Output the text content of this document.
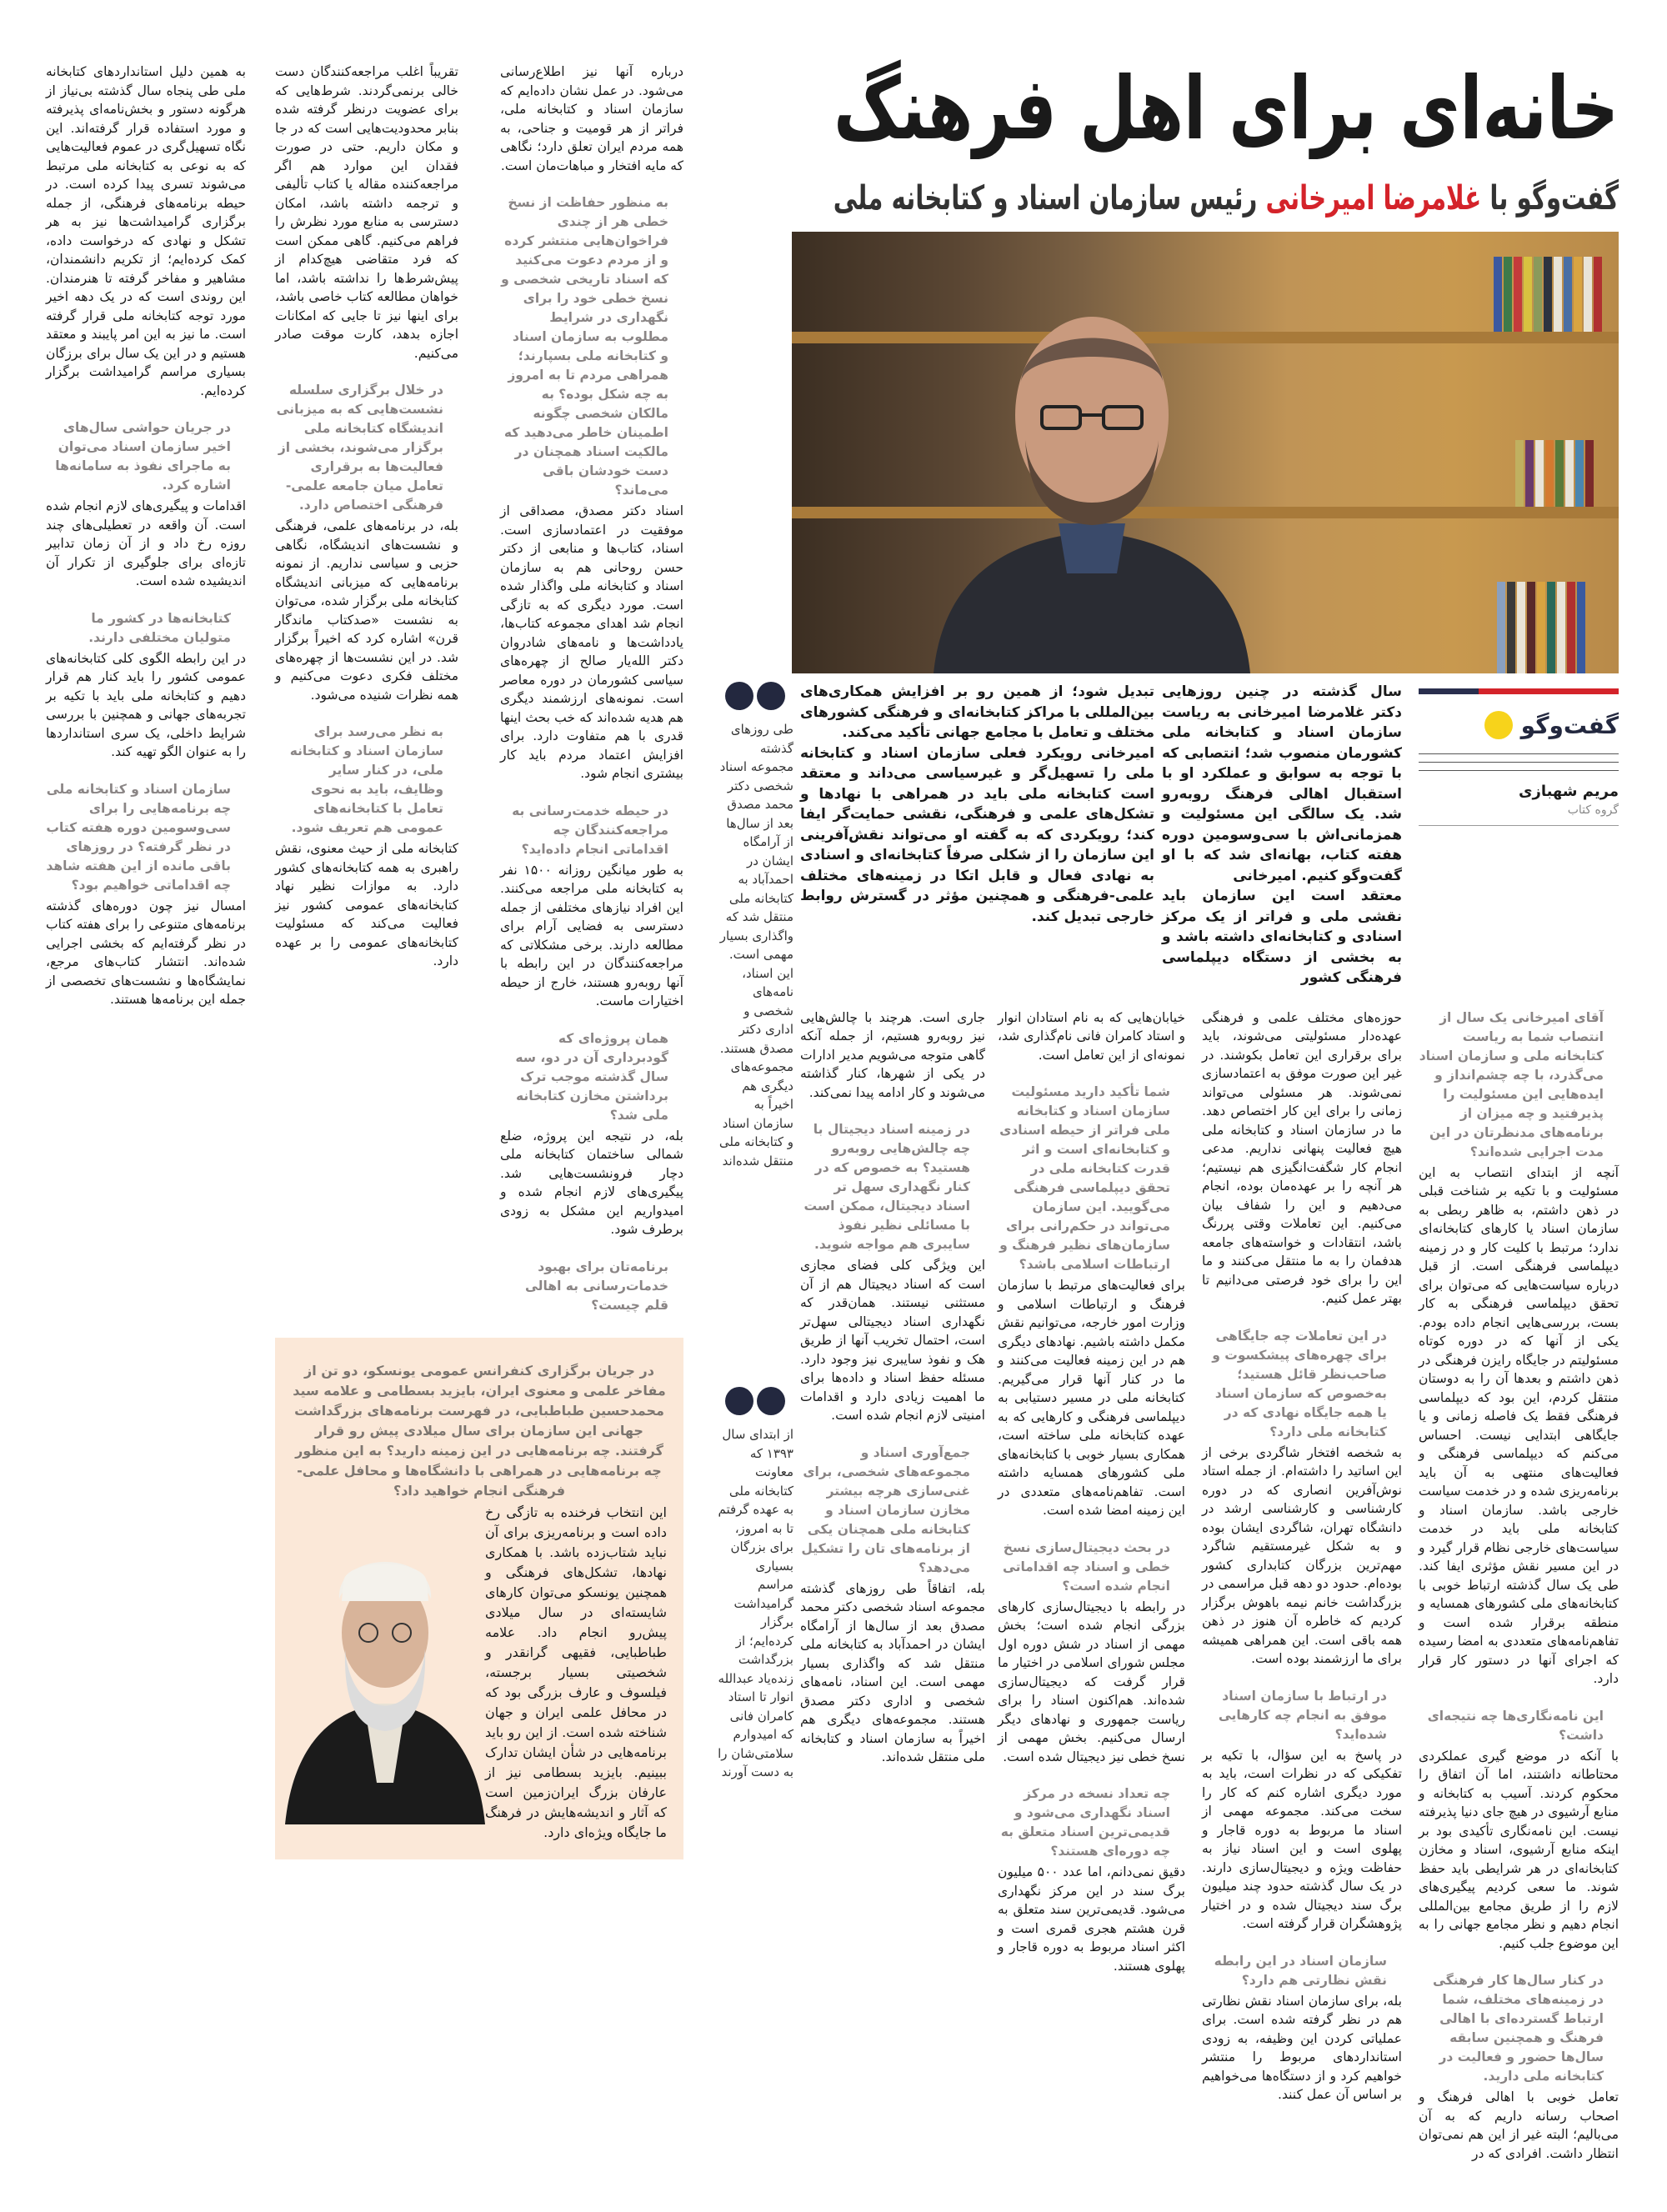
خانه‌ای برای اهل فرهنگ
گفت‌وگو با غلامرضا امیرخانی رئیس سازمان اسناد و کتابخانه ملی
گفت‌وگو
مریم شهبازی
گروه کتاب
سال گذشته در چنین روزهایی دکتر غلامرضا امیرخانی به ریاست سازمان اسناد و کتابخانه ملی کشورمان منصوب شد؛ انتصابی که با توجه به سوابق و عملکرد او با استقبال اهالی فرهنگ روبه‌رو شد. یک سالگی این مسئولیت و همزمانی‌اش با سی‌وسومین دوره هفته کتاب، بهانه‌ای شد که با او گفت‌وگو کنیم. امیرخانی
معتقد است این سازمان باید نقشی ملی و فراتر از یک مرکز اسنادی و کتابخانه‌ای داشته باشد و به بخشی از دستگاه دیپلماسی فرهنگی کشور
تبدیل شود؛ از همین رو بر افزایش همکاری‌های بین‌المللی با مراکز کتابخانه‌ای و فرهنگی کشورهای مختلف و تعامل با مجامع جهانی تأکید می‌کند.
امیرخانی رویکرد فعلی سازمان اسناد و کتابخانه ملی را تسهیل‌گر و غیرسیاسی می‌داند و معتقد است کتابخانه ملی باید در همراهی با نهادها و تشکل‌های علمی و فرهنگی، نقشی حمایت‌گر ایفا کند؛ رویکردی که به گفته او می‌تواند نقش‌آفرینی این سازمان را از شکلی صرفاً کتابخانه‌ای و اسنادی به نهادی فعال و قابل اتکا در زمینه‌های مختلف علمی-فرهنگی و همچنین مؤثر در گسترش روابط خارجی تبدیل کند.

آقای امیرخانی یک سال از انتصاب شما به ریاست کتابخانه ملی و سازمان اسناد می‌گذرد، با چه چشم‌انداز و ایده‌هایی این مسئولیت را پذیرفتید و چه میزان از برنامه‌های مدنظرتان در این مدت اجرایی شده‌اند؟

آنچه از ابتدای انتصاب به این مسئولیت و با تکیه بر شناخت قبلی در ذهن داشتم، به ظاهر ربطی به سازمان اسناد یا کارهای کتابخانه‌ای ندارد؛ مرتبط با کلیت کار و در زمینه دیپلماسی فرهنگی است. از قبل درباره سیاست‌هایی که می‌توان برای تحقق دیپلماسی فرهنگی به کار بست، بررسی‌هایی انجام داده بودم. یکی از آنها که در دوره کوتاه مسئولیتم در جایگاه رایزن فرهنگی در ذهن داشتم و بعدها آن را به دوستان منتقل کردم، این بود که دیپلماسی فرهنگی فقط یک فاصله زمانی و یا جایگاهی ابتدایی نیست. احساس می‌کنم که دیپلماسی فرهنگی و فعالیت‌های منتهی به آن باید برنامه‌ریزی شده و در خدمت سیاست خارجی باشد. سازمان اسناد و کتابخانه ملی باید در خدمت سیاست‌های خارجی نظام قرار گیرد و در این مسیر نقش مؤثری ایفا کند. طی یک سال گذشته ارتباط خوبی با کتابخانه‌های ملی کشورهای همسایه و منطقه برقرار شده است و تفاهم‌نامه‌های متعددی به امضا رسیده که اجرای آنها در دستور کار قرار دارد.

این نامه‌نگاری‌ها چه نتیجه‌ای داشت؟

با آنکه در موضع گیری عملکردی محتاطانه داشتند، اما آن اتفاق را محکوم کردند. آسیب به کتابخانه و منابع آرشیوی در هیچ جای دنیا پذیرفته نیست. این نامه‌نگاری تأکیدی بود بر اینکه منابع آرشیوی، اسناد و مخازن کتابخانه‌ای در هر شرایطی باید حفظ شوند. ما سعی کردیم پیگیری‌های لازم را از طریق مجامع بین‌المللی انجام دهیم و نظر مجامع جهانی را به این موضوع جلب کنیم.

در کنار سال‌ها کار فرهنگی در زمینه‌های مختلف، شما ارتباط گسترده‌ای با اهالی فرهنگ و همچنین سابقه سال‌ها حضور و فعالیت در کتابخانه ملی دارید.

تعامل خوبی با اهالی فرهنگ و اصحاب رسانه داریم که به آن می‌بالیم؛ البته غیر از این هم نمی‌توان انتظار داشت. افرادی که در

حوزه‌های مختلف علمی و فرهنگی عهده‌دار مسئولیتی می‌شوند، باید برای برقراری این تعامل بکوشند. در غیر این صورت موفق به اعتمادسازی نمی‌شوند. هر مسئولی می‌تواند زمانی را برای این کار اختصاص دهد. ما در سازمان اسناد و کتابخانه ملی هیچ فعالیت پنهانی نداریم. مدعی انجام کار شگفت‌انگیزی هم نیستیم؛ هر آنچه را بر عهده‌مان بوده، انجام می‌دهیم و این را شفاف بیان می‌کنیم. این تعاملات وقتی پررنگ باشد، انتقادات و خواسته‌های جامعه هدفمان را به ما منتقل می‌کنند و ما این را برای خود فرصتی می‌دانیم تا بهتر عمل کنیم.

در این تعاملات چه جایگاهی برای چهره‌های پیشکسوت و صاحب‌نظر قائل هستید؛ به‌خصوص که سازمان اسناد یا همه جایگاه نهادی که در کتابخانه ملی دارد؟

به شخصه افتخار شاگردی برخی از این اساتید را داشته‌ام. از جمله استاد نوش‌آفرین انصاری که در دوره کارشناسی و کارشناسی ارشد در دانشگاه تهران، شاگردی ایشان بوده و به شکل غیرمستقیم شاگرد مهم‌ترین بزرگان کتابداری کشور بوده‌ام. حدود دو دهه قبل مراسمی در بزرگداشت خانم نیمه باهوش برگزار کردیم که خاطره آن هنوز در ذهن همه باقی است. این همراهی همیشه برای ما ارزشمند بوده است.

در ارتباط با سازمان اسناد موفق به انجام چه کارهایی شده‌اید؟

در پاسخ به این سؤال، با تکیه بر تفکیکی که در نظرات است، باید به مورد دیگری اشاره کنم که کار را سخت می‌کند. مجموعه مهمی از اسناد ما مربوط به دوره قاجار و پهلوی است و این اسناد نیاز به حفاظت ویژه و دیجیتال‌سازی دارند. در یک سال گذشته حدود چند میلیون برگ سند دیجیتال شده و در اختیار پژوهشگران قرار گرفته است.

سازمان اسناد در این رابطه نقش نظارتی هم دارد؟

بله، برای سازمان اسناد نقش نظارتی هم در نظر گرفته شده است. برای عملیاتی کردن این وظیفه، به زودی استانداردهای مربوط را منتشر خواهیم کرد و از دستگاه‌ها می‌خواهیم بر اساس آن عمل کنند.

خیابان‌هایی که به نام استادان انوار و استاد کامران فانی نام‌گذاری شد، نمونه‌ای از این تعامل است.

شما تأکید دارید مسئولیت سازمان اسناد و کتابخانه ملی فراتر از حیطه اسنادی و کتابخانه‌ای است و اثر قدرت کتابخانه ملی در تحقق دیپلماسی فرهنگی می‌گویید. این سازمان می‌تواند در حکم‌رانی برای سازمان‌های نظیر فرهنگ و ارتباطات اسلامی باشد؟

برای فعالیت‌های مرتبط با سازمان فرهنگ و ارتباطات اسلامی و وزارت امور خارجه، می‌توانیم نقش مکمل داشته باشیم. نهادهای دیگری هم در این زمینه فعالیت می‌کنند و ما در کنار آنها قرار می‌گیریم. کتابخانه ملی در مسیر دستیابی به دیپلماسی فرهنگی و کارهایی که به عهده کتابخانه ملی ساخته است، همکاری بسیار خوبی با کتابخانه‌های ملی کشورهای همسایه داشته است. تفاهم‌نامه‌های متعددی در این زمینه امضا شده است.

در بحث دیجیتال‌سازی نسخ خطی و اسناد چه اقداماتی انجام شده است؟

در رابطه با دیجیتال‌سازی کارهای بزرگی انجام شده است؛ بخش مهمی از اسناد در شش دوره اول مجلس شورای اسلامی در اختیار ما قرار گرفت که دیجیتال‌سازی شده‌اند. هم‌اکنون اسناد را برای ریاست جمهوری و نهادهای دیگر ارسال می‌کنیم. بخش مهمی از نسخ خطی نیز دیجیتال شده است.

چه تعداد نسخه در مرکز اسناد نگهداری می‌شود و قدیمی‌ترین اسناد متعلق به چه دوره‌ای هستند؟

دقیق نمی‌دانم، اما عدد ۵۰۰ میلیون برگ سند در این مرکز نگهداری می‌شود. قدیمی‌ترین سند متعلق به قرن هشتم هجری قمری است و اکثر اسناد مربوط به دوره قاجار و پهلوی هستند.

جاری است. هرچند با چالش‌هایی نیز روبه‌رو هستیم، از جمله آنکه گاهی متوجه می‌شویم مدیر ادارات در یکی از شهرها، کنار گذاشته می‌شوند و کار ادامه پیدا نمی‌کند.

در زمینه اسناد دیجیتال با چه چالش‌هایی روبه‌رو هستید؟ به خصوص که در کنار نگهداری سهل تر اسناد دیجیتال، ممکن است با مسائلی نظیر نفوذ سایبری هم مواجه شوید.

این ویژگی کلی فضای مجازی است که اسناد دیجیتال هم از آن مستثنی نیستند. همان‌قدر که نگهداری اسناد دیجیتالی سهل‌تر است، احتمال تخریب آنها از طریق هک و نفوذ سایبری نیز وجود دارد. مسئله حفظ اسناد و داده‌ها برای ما اهمیت زیادی دارد و اقدامات امنیتی لازم انجام شده است.

جمع‌آوری اسناد و مجموعه‌های شخصی، برای غنی‌سازی هرچه بیشتر مخازن سازمان اسناد و کتابخانه ملی همچنان یکی از برنامه‌های تان را تشکیل می‌دهد؟

بله، اتفاقاً طی روزهای گذشته مجموعه اسناد شخصی دکتر محمد مصدق بعد از سال‌ها از آرامگاه ایشان در احمدآباد به کتابخانه ملی منتقل شد که واگذاری بسیار مهمی است. این اسناد، نامه‌های شخصی و اداری دکتر مصدق هستند. مجموعه‌های دیگری هم اخیراً به سازمان اسناد و کتابخانه ملی منتقل شده‌اند.

طی روزهای گذشته مجموعه اسناد شخصی دکتر محمد مصدق بعد از سال‌ها از آرامگاه ایشان در احمدآباد به کتابخانه ملی منتقل شد که واگذاری بسیار مهمی است. این اسناد، نامه‌های شخصی و اداری دکتر مصدق هستند. مجموعه‌های دیگری هم اخیراً به سازمان اسناد و کتابخانه ملی منتقل شده‌اند
از ابتدای سال ۱۳۹۳ که معاونت کتابخانه ملی به عهده گرفتم تا به امروز، برای بزرگان بسیاری مراسم گرامیداشت برگزار کرده‌ایم؛ از بزرگداشت زنده‌یاد عبدالله انوار تا استاد کامران فانی که امیدوارم سلامتی‌شان را به دست آورند

به همین دلیل استانداردهای کتابخانه ملی طی پنجاه سال گذشته بی‌نیاز از هرگونه دستور و بخش‌نامه‌ای پذیرفته و مورد استفاده قرار گرفته‌اند. این نگاه تسهیل‌گری در عموم فعالیت‌هایی که به نوعی به کتابخانه ملی مرتبط می‌شوند تسری پیدا کرده است. در حیطه برنامه‌های فرهنگی، از جمله برگزاری گرامیداشت‌ها نیز به هر تشکل و نهادی که درخواست داده، کمک کرده‌ایم؛ از تکریم دانشمندان، مشاهیر و مفاخر گرفته تا هنرمندان. این روندی است که در یک دهه اخیر مورد توجه کتابخانه ملی قرار گرفته است. ما نیز به این امر پایبند و معتقد هستیم و در این یک سال برای برزگان بسیاری مراسم گرامیداشت برگزار کرده‌ایم.

در جریان حواشی سال‌های اخیر سازمان اسناد می‌توان به ماجرای نفوذ به سامانه‌ها اشاره کرد.

اقدامات و پیگیری‌های لازم انجام شده است. آن واقعه در تعطیلی‌های چند روزه رخ داد و از آن زمان تدابیر تازه‌ای برای جلوگیری از تکرار آن اندیشیده شده است.

کتابخانه‌ها در کشور ما متولیان مختلفی دارند.

در این رابطه الگوی کلی کتابخانه‌های عمومی کشور را باید کنار هم قرار دهیم و کتابخانه ملی باید با تکیه بر تجربه‌های جهانی و همچنین با بررسی شرایط داخلی، یک سری استانداردها را به عنوان الگو تهیه کند.

سازمان اسناد و کتابخانه ملی چه برنامه‌هایی را برای سی‌وسومین دوره هفته کتاب در نظر گرفته؟ در روزهای باقی مانده از این هفته شاهد چه اقداماتی خواهیم بود؟

امسال نیز چون دوره‌های گذشته برنامه‌های متنوعی را برای هفته کتاب در نظر گرفته‌ایم که بخشی اجرایی شده‌اند. انتشار کتاب‌های مرجع، نمایشگاه‌ها و نشست‌های تخصصی از جمله این برنامه‌ها هستند.

درباره آنها نیز اطلاع‌رسانی می‌شود. در عمل نشان داده‌ایم که سازمان اسناد و کتابخانه ملی، فراتر از هر قومیت و جناحی، به همه مردم ایران تعلق دارد؛ نگاهی که مایه افتخار و مباهات‌مان است.

به منظور حفاظت از نسخ خطی هر از چندی فراخوان‌هایی منتشر کرده و از مردم دعوت می‌کنید که اسناد تاریخی شخصی و نسخ خطی خود را برای نگهداری در شرایط مطلوب به سازمان اسناد و کتابخانه ملی بسپارند؛ همراهی مردم تا به امروز به چه شکل بوده؟ به مالکان شخصی چگونه اطمینان خاطر می‌دهید که مالکیت اسناد همچنان در دست خودشان باقی می‌ماند؟

اسناد دکتر مصدق، مصداقی از موفقیت در اعتمادسازی است. اسناد، کتاب‌ها و منابعی از دکتر حسن روحانی هم به سازمان اسناد و کتابخانه ملی واگذار شده است. مورد دیگری که به تازگی انجام شد اهدای مجموعه کتاب‌ها، یادداشت‌ها و نامه‌های شادروان دکتر الله‌یار صالح از چهره‌های سیاسی کشورمان در دوره معاصر است. نمونه‌های ارزشمند دیگری هم هدیه شده‌اند که خب بحث اینها قدری با هم متفاوت دارد. برای افزایش اعتماد مردم باید کار بیشتری انجام شود.

در حیطه خدمت‌رسانی به مراجعه‌کنندگان چه اقداماتی انجام داده‌اید؟

به طور میانگین روزانه ۱۵۰۰ نفر به کتابخانه ملی مراجعه می‌کنند. این افراد نیازهای مختلفی از جمله دسترسی به فضایی آرام برای مطالعه دارند. برخی مشکلاتی که مراجعه‌کنندگان در این رابطه با آنها روبه‌رو هستند، خارج از حیطه اختیارات ماست.

همان پروژه‌ای که گودبرداری آن در دو، سه سال گذشته موجب ترک برداشتن مخازن کتابخانه ملی شد؟

بله، در نتیجه این پروژه، ضلع شمالی ساختمان کتابخانه ملی دچار فرونشست‌هایی شد. پیگیری‌های لازم انجام شده و امیدواریم این مشکل به زودی برطرف شود.

برنامه‌تان برای بهبود خدمات‌رسانی به اهالی قلم چیست؟

تقریباً اغلب مراجعه‌کنندگان دست خالی برنمی‌گردند. شرط‌هایی که برای عضویت درنظر گرفته شده بنابر محدودیت‌هایی است که در جا و مکان داریم. حتی در صورت فقدان این موارد هم اگر مراجعه‌کننده مقاله یا کتاب تألیفی و ترجمه داشته باشد، امکان دسترسی به منابع مورد نظرش را فراهم می‌کنیم. گاهی ممکن است که فرد متقاضی هیچ‌کدام از پیش‌شرط‌ها را نداشته باشد، اما خواهان مطالعه کتاب خاصی باشد، برای اینها نیز تا جایی که امکانات اجازه بدهد، کارت موقت صادر می‌کنیم.

در خلال برگزاری سلسله نشست‌هایی که به میزبانی اندیشگاه کتابخانه ملی برگزار می‌شوند، بخشی از فعالیت‌ها به برقراری تعامل میان جامعه علمی-فرهنگی اختصاص دارد.

بله، در برنامه‌های علمی، فرهنگی و نشست‌های اندیشگاه، نگاهی حزبی و سیاسی نداریم. از نمونه برنامه‌هایی که میزبانی اندیشگاه کتابخانه ملی برگزار شده، می‌توان به نشست «صدکتاب ماندگار قرن» اشاره کرد که اخیراً برگزار شد. در این نشست‌ها از چهره‌های مختلف فکری دعوت می‌کنیم و همه نظرات شنیده می‌شود.

به نظر می‌رسد برای سازمان اسناد و کتابخانه ملی، در کنار سایر وظایف، باید به نحوی تعامل با کتابخانه‌های عمومی هم تعریف شود.

کتابخانه ملی از حیث معنوی، نقش راهبری به همه کتابخانه‌های کشور دارد. به موازات نظیر نهاد کتابخانه‌های عمومی کشور نیز فعالیت می‌کند که مسئولیت کتابخانه‌های عمومی را بر عهده دارد.

در جریان برگزاری کنفرانس عمومی یونسکو، دو تن از مفاخر علمی و معنوی ایران، بایزید بسطامی و علامه سید محمدحسین طباطبایی، در فهرست برنامه‌های بزرگداشت جهانی این سازمان برای سال میلادی پیش رو قرار گرفتند. چه برنامه‌هایی در این زمینه دارید؟ به این منظور چه برنامه‌هایی در همراهی با دانشگاه‌ها و محافل علمی-فرهنگی انجام خواهید داد؟
این انتخاب فرخنده به تازگی رخ داده است و برنامه‌ریزی برای آن نباید شتاب‌زده باشد. با همکاری نهادها، تشکل‌های فرهنگی و همچنین یونسکو می‌توان کارهای شایسته‌ای در سال میلادی پیش‌رو انجام داد. علامه طباطبایی، فقیهی گرانقدر و شخصیتی بسیار برجسته، فیلسوف و عارف بزرگی بود که در محافل علمی ایران و جهان شناخته شده است. از این رو باید برنامه‌هایی در شأن ایشان تدارک ببینیم. بایزید بسطامی نیز از عارفان بزرگ ایران‌زمین است که آثار و اندیشه‌هایش در فرهنگ ما جایگاه ویژه‌ای دارد.
